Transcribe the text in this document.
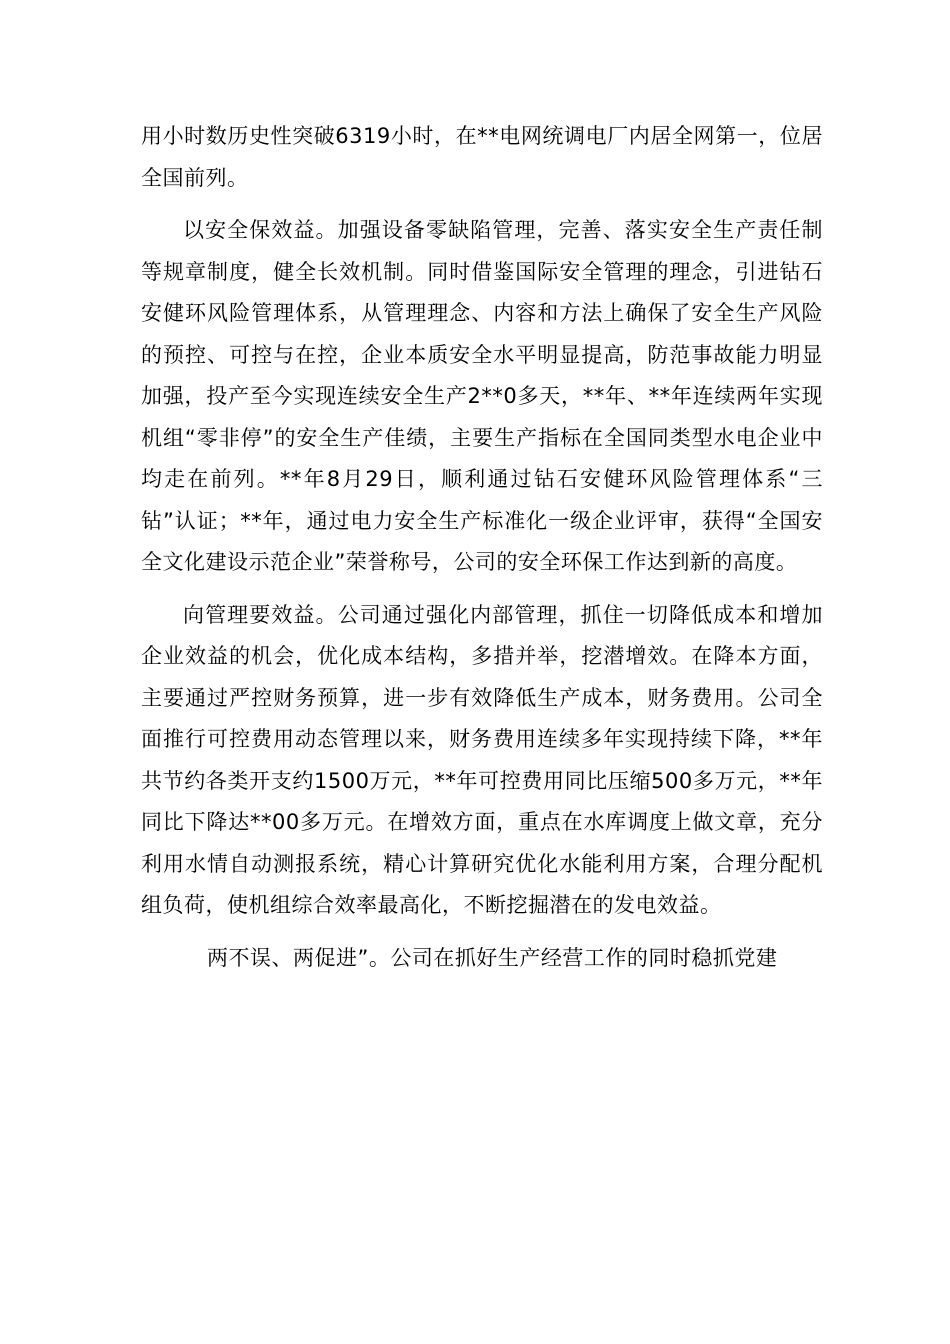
用小时数历史性突破6319小时，在**电网统调电厂内居全网第一，位居全国前列。

以安全保效益。加强设备零缺陷管理，完善、落实安全生产责任制等规章制度，健全长效机制。同时借鉴国际安全管理的理念，引进钻石安健环风险管理体系，从管理理念、内容和方法上确保了安全生产风险的预控、可控与在控，企业本质安全水平明显提高，防范事故能力明显加强，投产至今实现连续安全生产2**0多天，**年、**年连续两年实现机组“零非停”的安全生产佳绩，主要生产指标在全国同类型水电企业中均走在前列。**年8月29日，顺利通过钻石安健环风险管理体系“三钻”认证；**年，通过电力安全生产标准化一级企业评审，获得“全国安全文化建设示范企业”荣誉称号，公司的安全环保工作达到新的高度。

向管理要效益。公司通过强化内部管理，抓住一切降低成本和增加企业效益的机会，优化成本结构，多措并举，挖潜增效。在降本方面，主要通过严控财务预算，进一步有效降低生产成本，财务费用。公司全面推行可控费用动态管理以来，财务费用连续多年实现持续下降，**年共节约各类开支约1500万元，**年可控费用同比压缩500多万元，**年同比下降达**00多万元。在增效方面，重点在水库调度上做文章，充分利用水情自动测报系统，精心计算研究优化水能利用方案，合理分配机组负荷，使机组综合效率最高化，不断挖掘潜在的发电效益。

两不误、两促进”。公司在抓好生产经营工作的同时稳抓党建
